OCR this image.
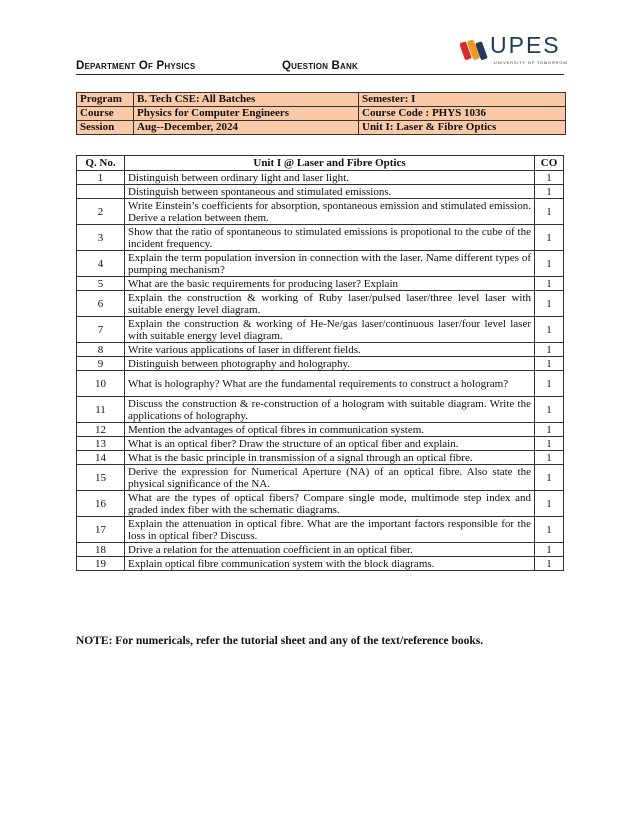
Department Of Physics	Question Bank
UPES
UNIVERSITY OF TOMORROW
Program	B. Tech CSE: All Batches	Semester: I
Course	Physics for Computer Engineers	Course Code : PHYS 1036
Session	Aug--December, 2024	Unit I: Laser & Fibre Optics
Q. No.	Unit I @ Laser and Fibre Optics	CO
1	Distinguish between ordinary light and laser light.	1
	Distinguish between spontaneous and stimulated emissions.	1
2	Write Einstein’s coefficients for absorption, spontaneous emission and stimulated emission. Derive a relation between them.	1
3	Show that the ratio of spontaneous to stimulated emissions is propotional to the cube of the incident frequency.	1
4	Explain the term population inversion in connection with the laser. Name different types of pumping mechanism?	1
5	What are the basic requirements for producing laser? Explain	1
6	Explain the construction & working of Ruby laser/pulsed laser/three level laser with suitable energy level diagram.	1
7	Explain the construction & working of He-Ne/gas laser/continuous laser/four level laser with suitable energy level diagram.	1
8	Write various applications of laser in different fields.	1
9	Distinguish between photography and holography.	1
10	What is holography? What are the fundamental requirements to construct a hologram?	1
11	Discuss the construction & re-construction of a hologram with suitable diagram. Write the applications of holography.	1
12	Mention the advantages of optical fibres in communication system.	1
13	What is an optical fiber? Draw the structure of an optical fiber and explain.	1
14	What is the basic principle in transmission of a signal through an optical fibre.	1
15	Derive the expression for Numerical Aperture (NA) of an optical fibre. Also state the physical significance of the NA.	1
16	What are the types of optical fibers? Compare single mode, multimode step index and graded index fiber with the schematic diagrams.	1
17	Explain the attenuation in optical fibre. What are the important factors responsible for the loss in optical fiber? Discuss.	1
18	Drive a relation for the attenuation coefficient in an optical fiber.	1
19	Explain optical fibre communication system with the block diagrams.	1
NOTE: For numericals, refer the tutorial sheet and any of the text/reference books.
